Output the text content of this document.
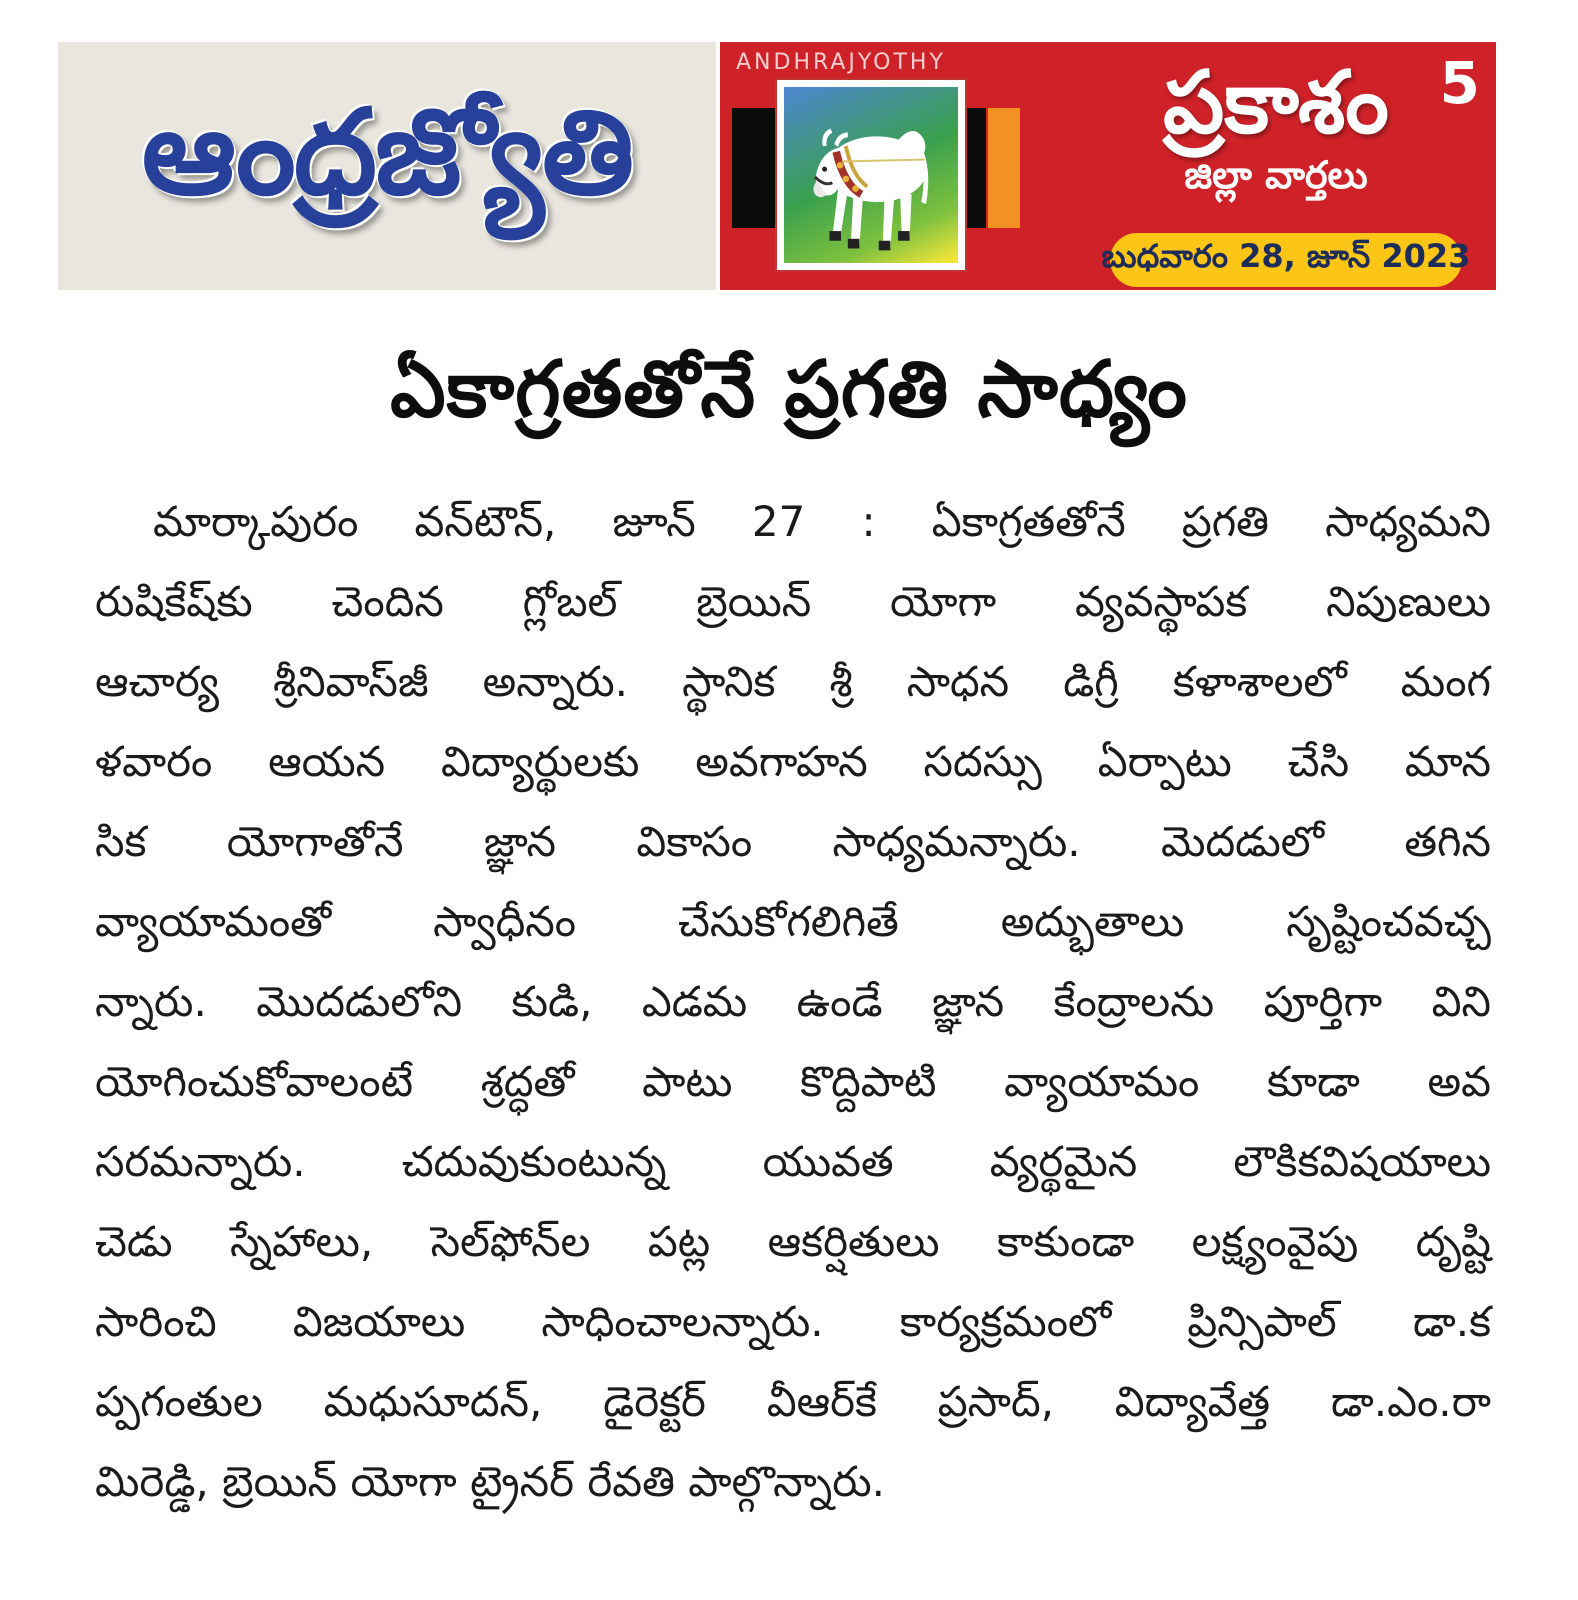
ఆంధ్రజ్యోతి
ANDHRAJYOTHY	ప్రకాశం
జిల్లా వార్తలు
5
బుధవారం 28, జూన్ 2023
ఏకాగ్రతతోనే ప్రగతి సాధ్యం
మార్కాపురం వన్‌టౌన్, జూన్ 27 : ఏకాగ్రతతోనే ప్రగతి సాధ్యమని
రుషికేష్‌కు చెందిన గ్లోబల్ బ్రెయిన్ యోగా వ్యవస్థాపక నిపుణులు
ఆచార్య శ్రీనివాస్‌జీ అన్నారు. స్థానిక శ్రీ సాధన డిగ్రీ కళాశాలలో మంగ
ళవారం ఆయన విద్యార్థులకు అవగాహన సదస్సు ఏర్పాటు చేసి మాన
సిక యోగాతోనే జ్ఞాన వికాసం సాధ్యమన్నారు. మెదడులో తగిన
వ్యాయామంతో స్వాధీనం చేసుకోగలిగితే అద్భుతాలు సృష్టించవచ్చ
న్నారు. మొదడులోని కుడి, ఎడమ ఉండే జ్ఞాన కేంద్రాలను పూర్తిగా విని
యోగించుకోవాలంటే శ్రద్ధతో పాటు కొద్దిపాటి వ్యాయామం కూడా అవ
సరమన్నారు. చదువుకుంటున్న యువత వ్యర్థమైన లౌకికవిషయాలు
చెడు స్నేహాలు, సెల్‌ఫోన్‌ల పట్ల ఆకర్షితులు కాకుండా లక్ష్యంవైపు దృష్టి
సారించి విజయాలు సాధించాలన్నారు. కార్యక్రమంలో ప్రిన్సిపాల్ డా.క
ప్పగంతుల మధుసూదన్, డైరెక్టర్ వీఆర్‌కే ప్రసాద్, విద్యావేత్త డా.ఎం.రా
మిరెడ్డి, బ్రెయిన్ యోగా ట్రైనర్ రేవతి పాల్గొన్నారు.
